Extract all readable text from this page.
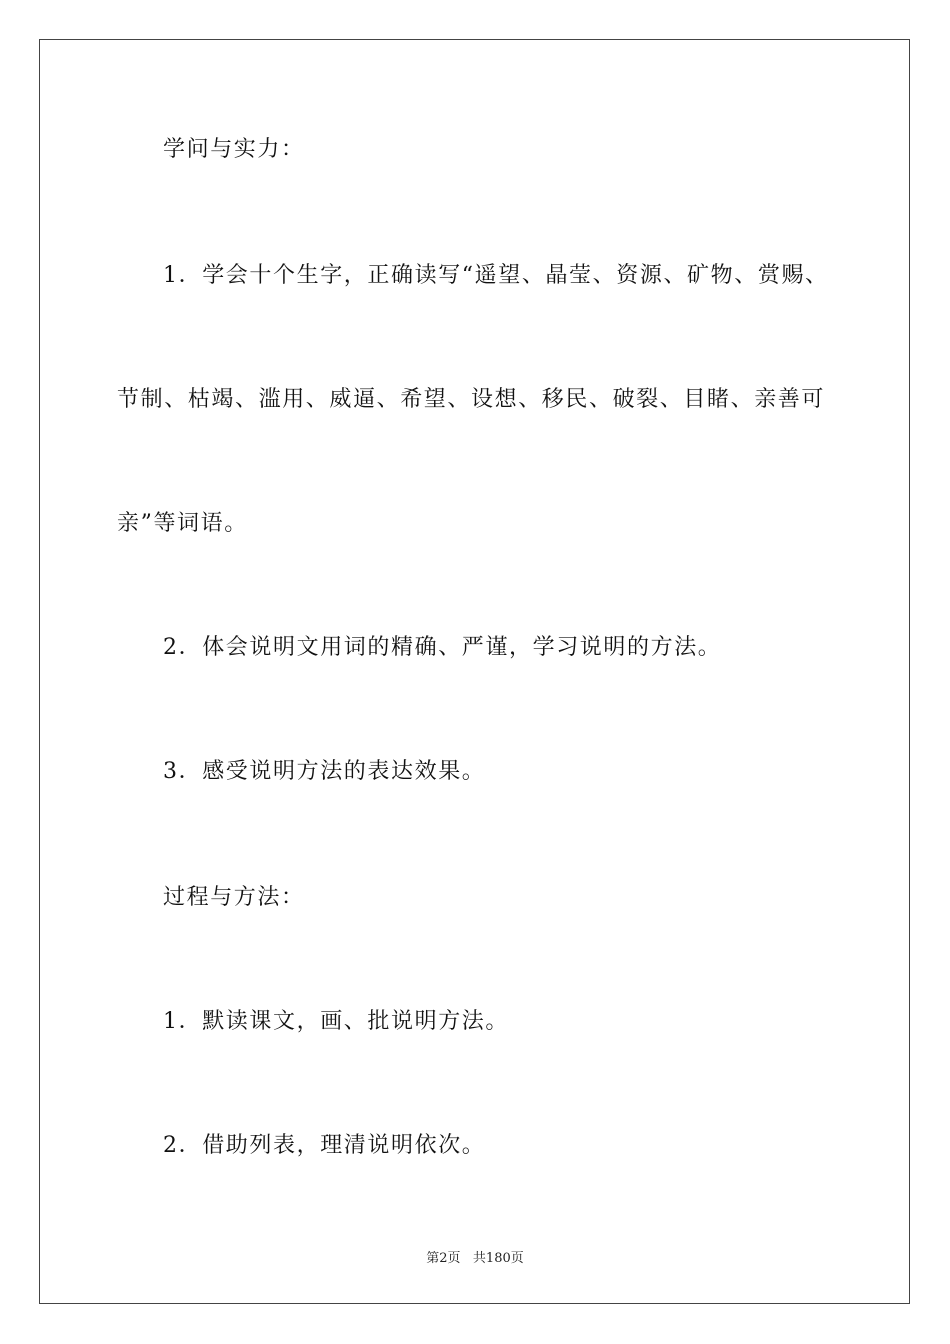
学问与实力：
1．学会十个生字，正确读写“遥望、晶莹、资源、矿物、赏赐、
节制、枯竭、滥用、威逼、希望、设想、移民、破裂、目睹、亲善可
亲”等词语。
2．体会说明文用词的精确、严谨，学习说明的方法。
3．感受说明方法的表达效果。
过程与方法：
1．默读课文，画、批说明方法。
2．借助列表，理清说明依次。
第2页   共180页
